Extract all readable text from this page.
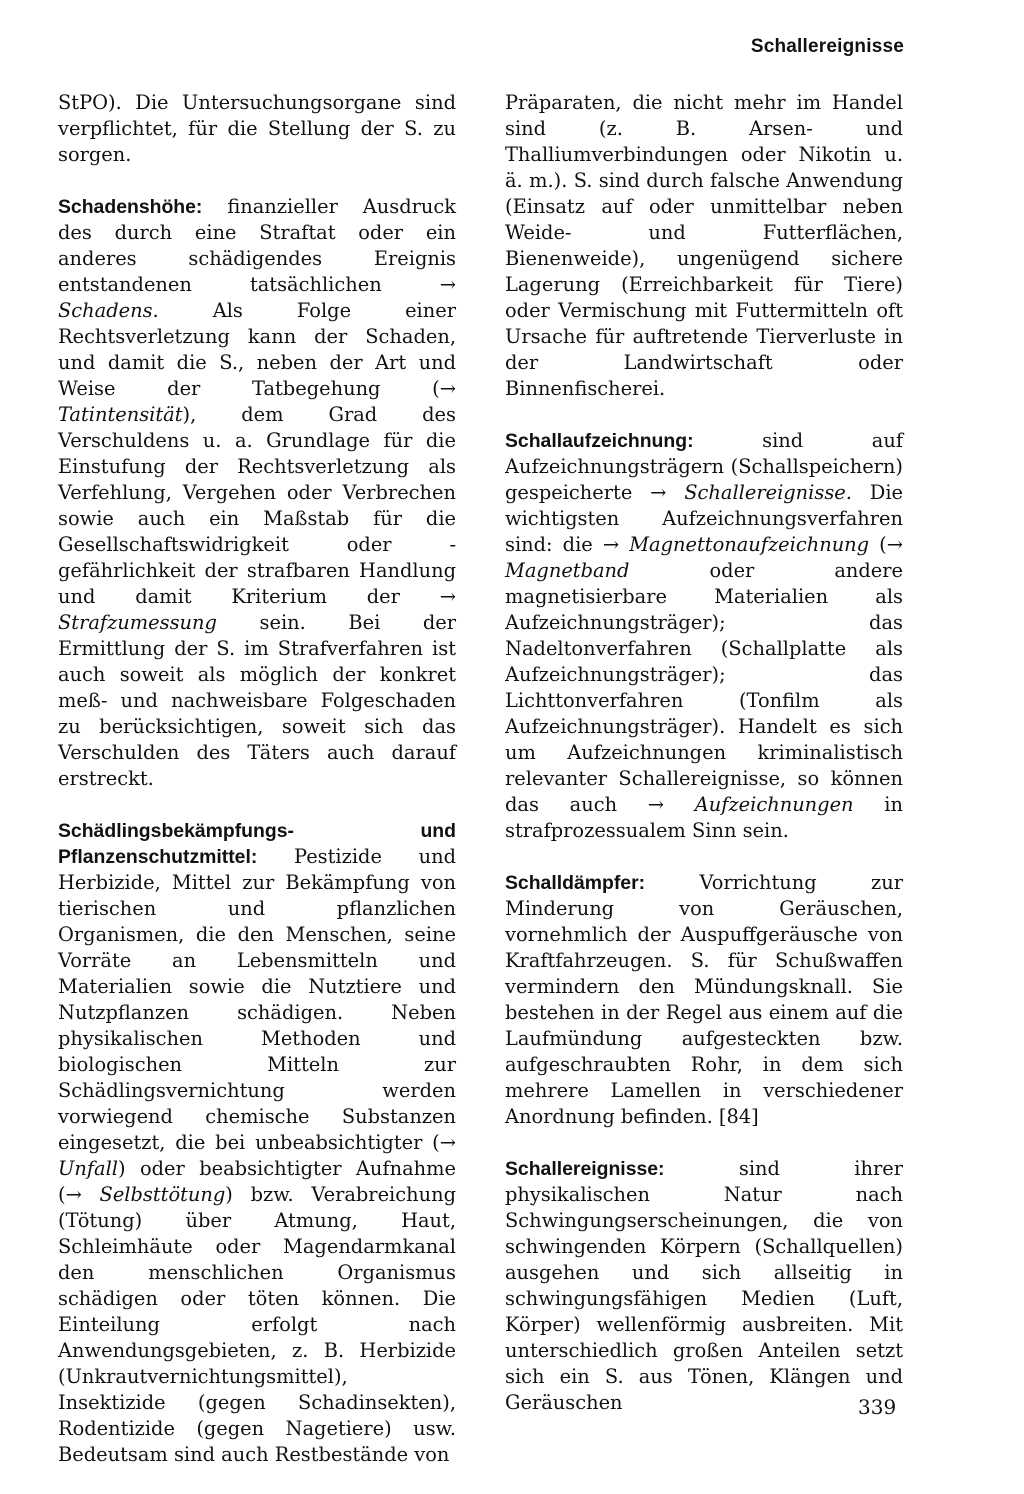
Schallereignisse

StPO). Die Untersuchungsorgane sind verpflichtet, für die Stellung der S. zu sorgen.

Schadenshöhe: finanzieller Ausdruck des durch eine Straftat oder ein anderes schädigendes Ereignis entstandenen tatsächlichen → Schadens. Als Folge einer Rechtsverletzung kann der Schaden, und damit die S., neben der Art und Weise der Tatbegehung (→ Tatintensität), dem Grad des Verschuldens u. a. Grundlage für die Einstufung der Rechtsverletzung als Verfehlung, Vergehen oder Verbrechen sowie auch ein Maßstab für die Gesellschaftswidrigkeit oder -gefährlichkeit der strafbaren Handlung und damit Kriterium der → Strafzumessung sein. Bei der Ermittlung der S. im Strafverfahren ist auch soweit als möglich der konkret meß- und nachweisbare Folgeschaden zu berücksichtigen, soweit sich das Verschulden des Täters auch darauf erstreckt.

Schädlingsbekämpfungs- und Pflanzenschutzmittel: Pestizide und Herbizide, Mittel zur Bekämpfung von tierischen und pflanzlichen Organismen, die den Menschen, seine Vorräte an Lebensmitteln und Materialien sowie die Nutztiere und Nutzpflanzen schädigen. Neben physikalischen Methoden und biologischen Mitteln zur Schädlingsvernichtung werden vorwiegend chemische Substanzen eingesetzt, die bei unbeabsichtigter (→ Unfall) oder beabsichtigter Aufnahme (→ Selbsttötung) bzw. Verabreichung (Tötung) über Atmung, Haut, Schleimhäute oder Magendarmkanal den menschlichen Organismus schädigen oder töten können. Die Einteilung erfolgt nach Anwendungsgebieten, z. B. Herbizide (Unkrautvernichtungsmittel), Insektizide (gegen Schadinsekten), Rodentizide (gegen Nagetiere) usw. Bedeutsam sind auch Restbestände von

Präparaten, die nicht mehr im Handel sind (z. B. Arsen- und Thalliumverbindungen oder Nikotin u. ä. m.). S. sind durch falsche Anwendung (Einsatz auf oder unmittelbar neben Weide- und Futterflächen, Bienenweide), ungenügend sichere Lagerung (Erreichbarkeit für Tiere) oder Vermischung mit Futtermitteln oft Ursache für auftretende Tierverluste in der Landwirtschaft oder Binnenfischerei.

Schallaufzeichnung: sind auf Aufzeichnungsträgern (Schallspeichern) gespeicherte → Schallereignisse. Die wichtigsten Aufzeichnungsverfahren sind: die → Magnettonaufzeichnung (→ Magnetband oder andere magnetisierbare Materialien als Aufzeichnungsträger); das Nadeltonverfahren (Schallplatte als Aufzeichnungsträger); das Lichttonverfahren (Tonfilm als Aufzeichnungsträger). Handelt es sich um Aufzeichnungen kriminalistisch relevanter Schallereignisse, so können das auch → Aufzeichnungen in strafprozessualem Sinn sein.

Schalldämpfer: Vorrichtung zur Minderung von Geräuschen, vornehmlich der Auspuffgeräusche von Kraftfahrzeugen. S. für Schußwaffen vermindern den Mündungsknall. Sie bestehen in der Regel aus einem auf die Laufmündung aufgesteckten bzw. aufgeschraubten Rohr, in dem sich mehrere Lamellen in verschiedener Anordnung befinden. [84]

Schallereignisse: sind ihrer physikalischen Natur nach Schwingungserscheinungen, die von schwingenden Körpern (Schallquellen) ausgehen und sich allseitig in schwingungsfähigen Medien (Luft, Körper) wellenförmig ausbreiten. Mit unterschiedlich großen Anteilen setzt sich ein S. aus Tönen, Klängen und Geräuschen	339
